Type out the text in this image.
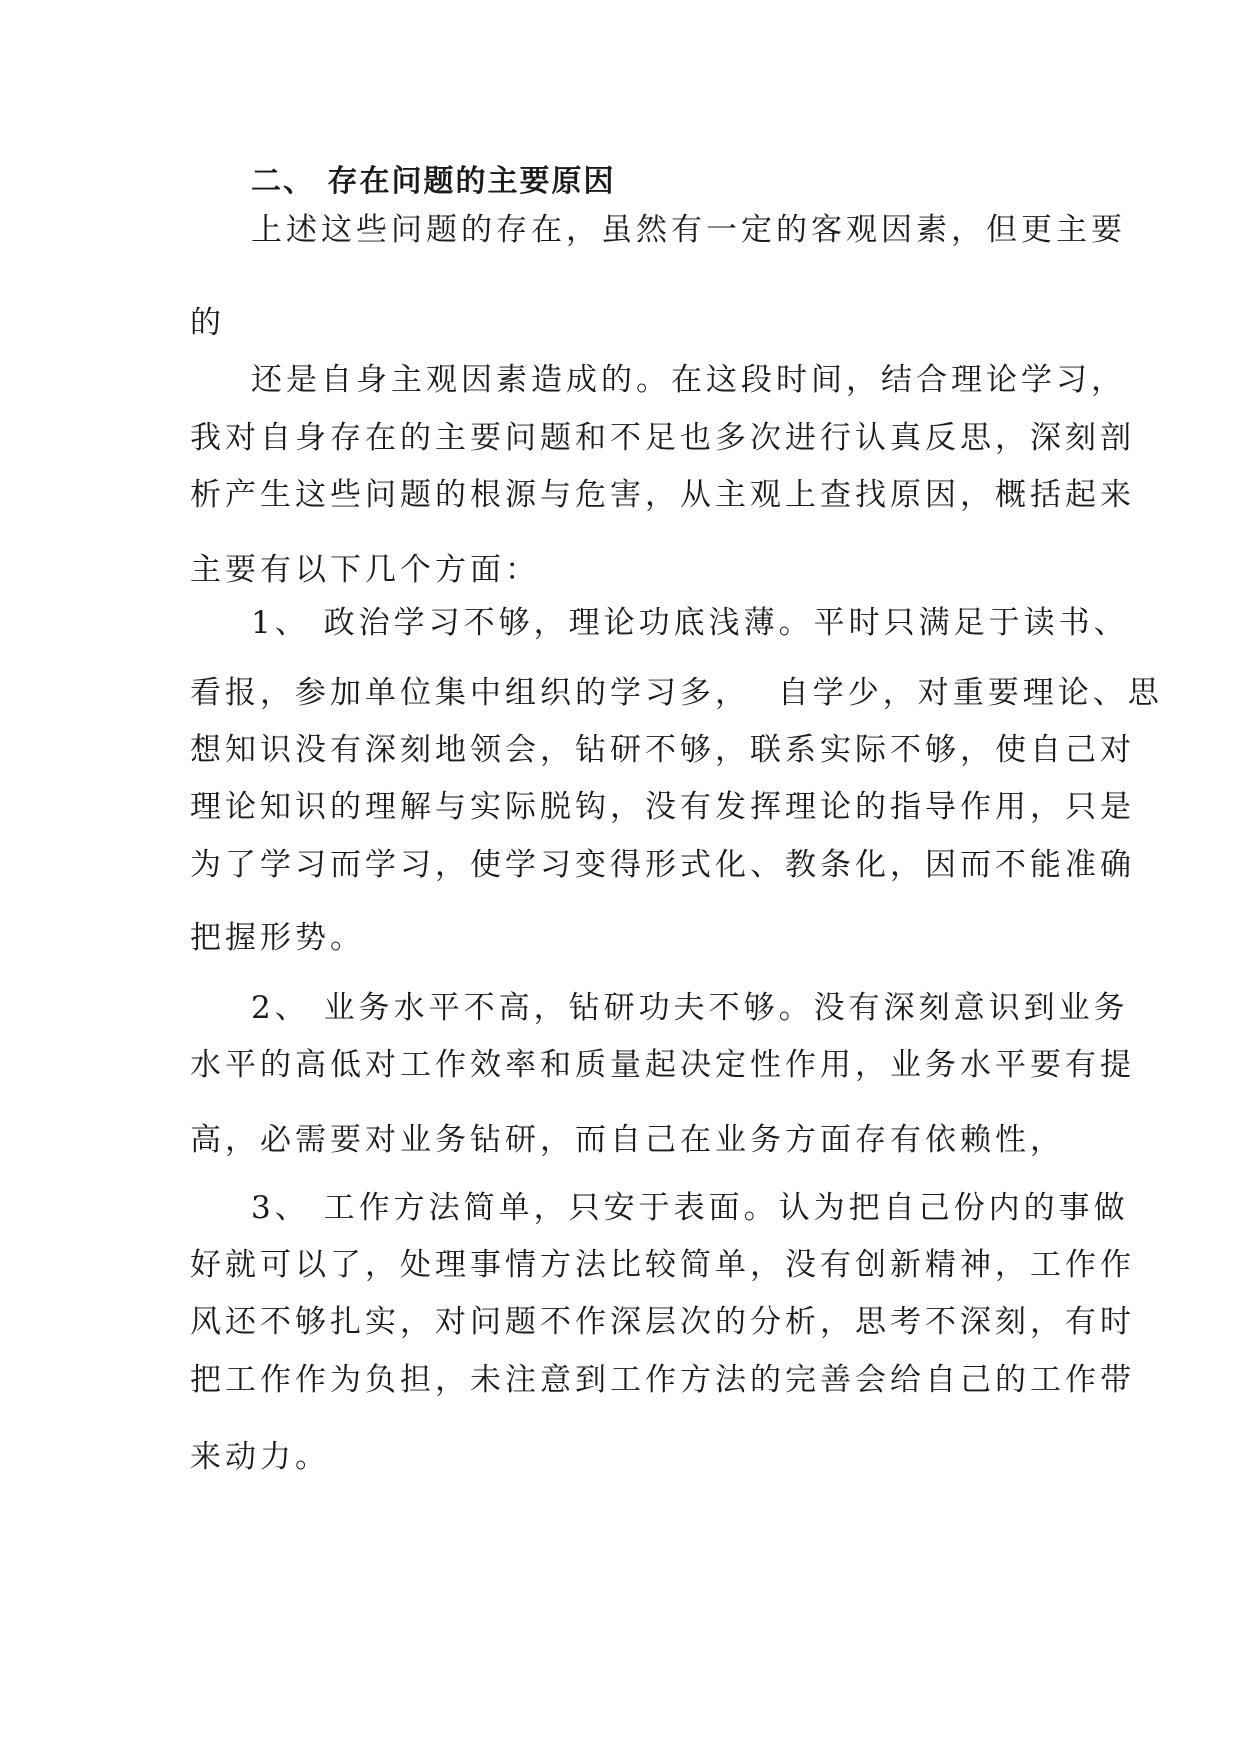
二、 存在问题的主要原因

上述这些问题的存在，虽然有一定的客观因素，但更主要

的

还是自身主观因素造成的。在这段时间，结合理论学习，

我对自身存在的主要问题和不足也多次进行认真反思，深刻剖

析产生这些问题的根源与危害，从主观上查找原因，概括起来

主要有以下几个方面：

1、 政治学习不够，理论功底浅薄。平时只满足于读书、

看报，参加单位集中组织的学习多，  自学少，对重要理论、思

想知识没有深刻地领会，钻研不够，联系实际不够，使自己对

理论知识的理解与实际脱钩，没有发挥理论的指导作用，只是

为了学习而学习，使学习变得形式化、教条化，因而不能准确

把握形势。

2、 业务水平不高，钻研功夫不够。没有深刻意识到业务

水平的高低对工作效率和质量起决定性作用，业务水平要有提

高，必需要对业务钻研，而自己在业务方面存有依赖性，

3、 工作方法简单，只安于表面。认为把自己份内的事做

好就可以了，处理事情方法比较简单，没有创新精神，工作作

风还不够扎实，对问题不作深层次的分析，思考不深刻，有时

把工作作为负担，未注意到工作方法的完善会给自己的工作带

来动力。
